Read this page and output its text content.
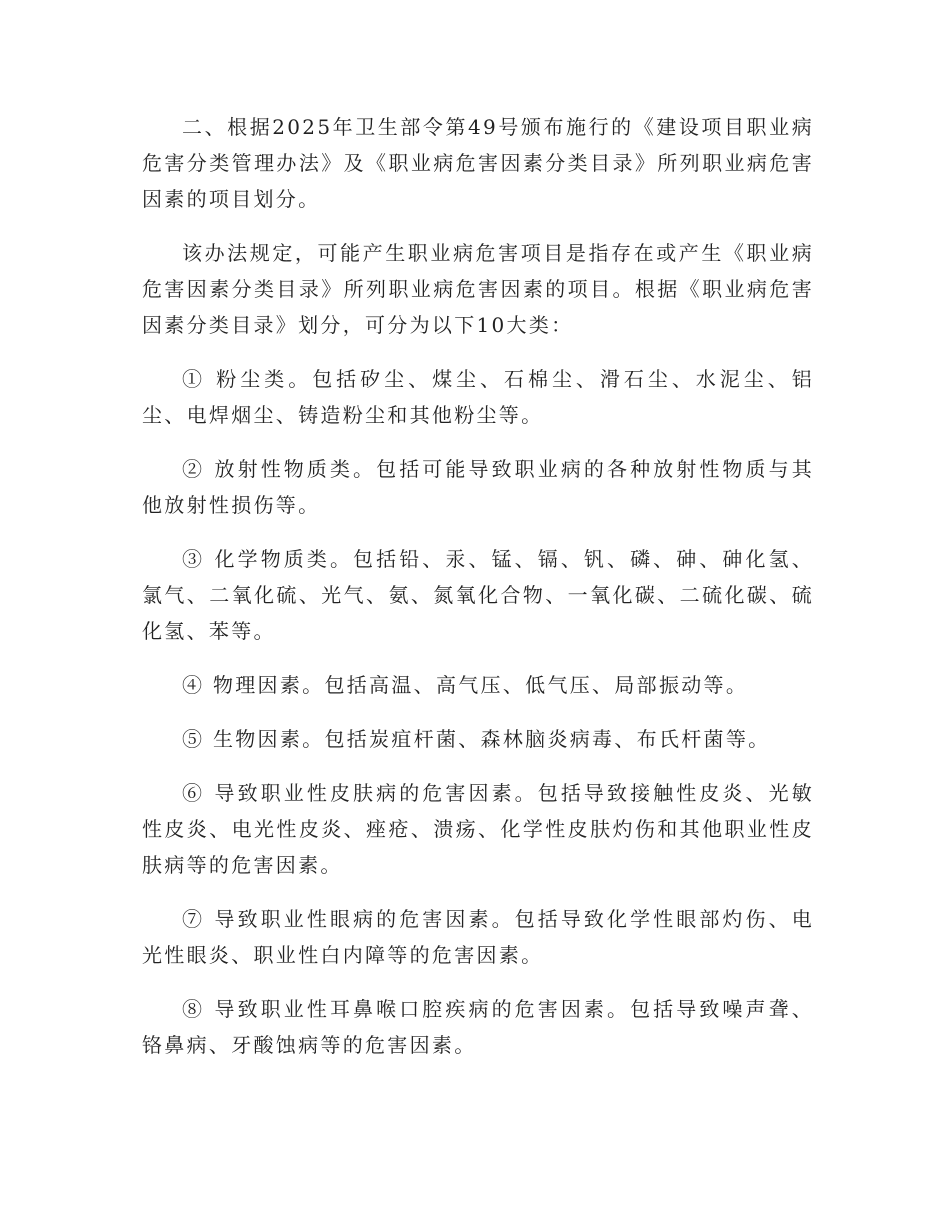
二、根据2025年卫生部令第49号颁布施行的《建设项目职业病危害分类管理办法》及《职业病危害因素分类目录》所列职业病危害因素的项目划分。

该办法规定，可能产生职业病危害项目是指存在或产生《职业病危害因素分类目录》所列职业病危害因素的项目。根据《职业病危害因素分类目录》划分，可分为以下10大类：

① 粉尘类。包括矽尘、煤尘、石棉尘、滑石尘、水泥尘、铝尘、电焊烟尘、铸造粉尘和其他粉尘等。

② 放射性物质类。包括可能导致职业病的各种放射性物质与其他放射性损伤等。

③ 化学物质类。包括铅、汞、锰、镉、钒、磷、砷、砷化氢、氯气、二氧化硫、光气、氨、氮氧化合物、一氧化碳、二硫化碳、硫化氢、苯等。

④ 物理因素。包括高温、高气压、低气压、局部振动等。

⑤ 生物因素。包括炭疽杆菌、森林脑炎病毒、布氏杆菌等。

⑥ 导致职业性皮肤病的危害因素。包括导致接触性皮炎、光敏性皮炎、电光性皮炎、痤疮、溃疡、化学性皮肤灼伤和其他职业性皮肤病等的危害因素。

⑦ 导致职业性眼病的危害因素。包括导致化学性眼部灼伤、电光性眼炎、职业性白内障等的危害因素。

⑧ 导致职业性耳鼻喉口腔疾病的危害因素。包括导致噪声聋、铬鼻病、牙酸蚀病等的危害因素。
